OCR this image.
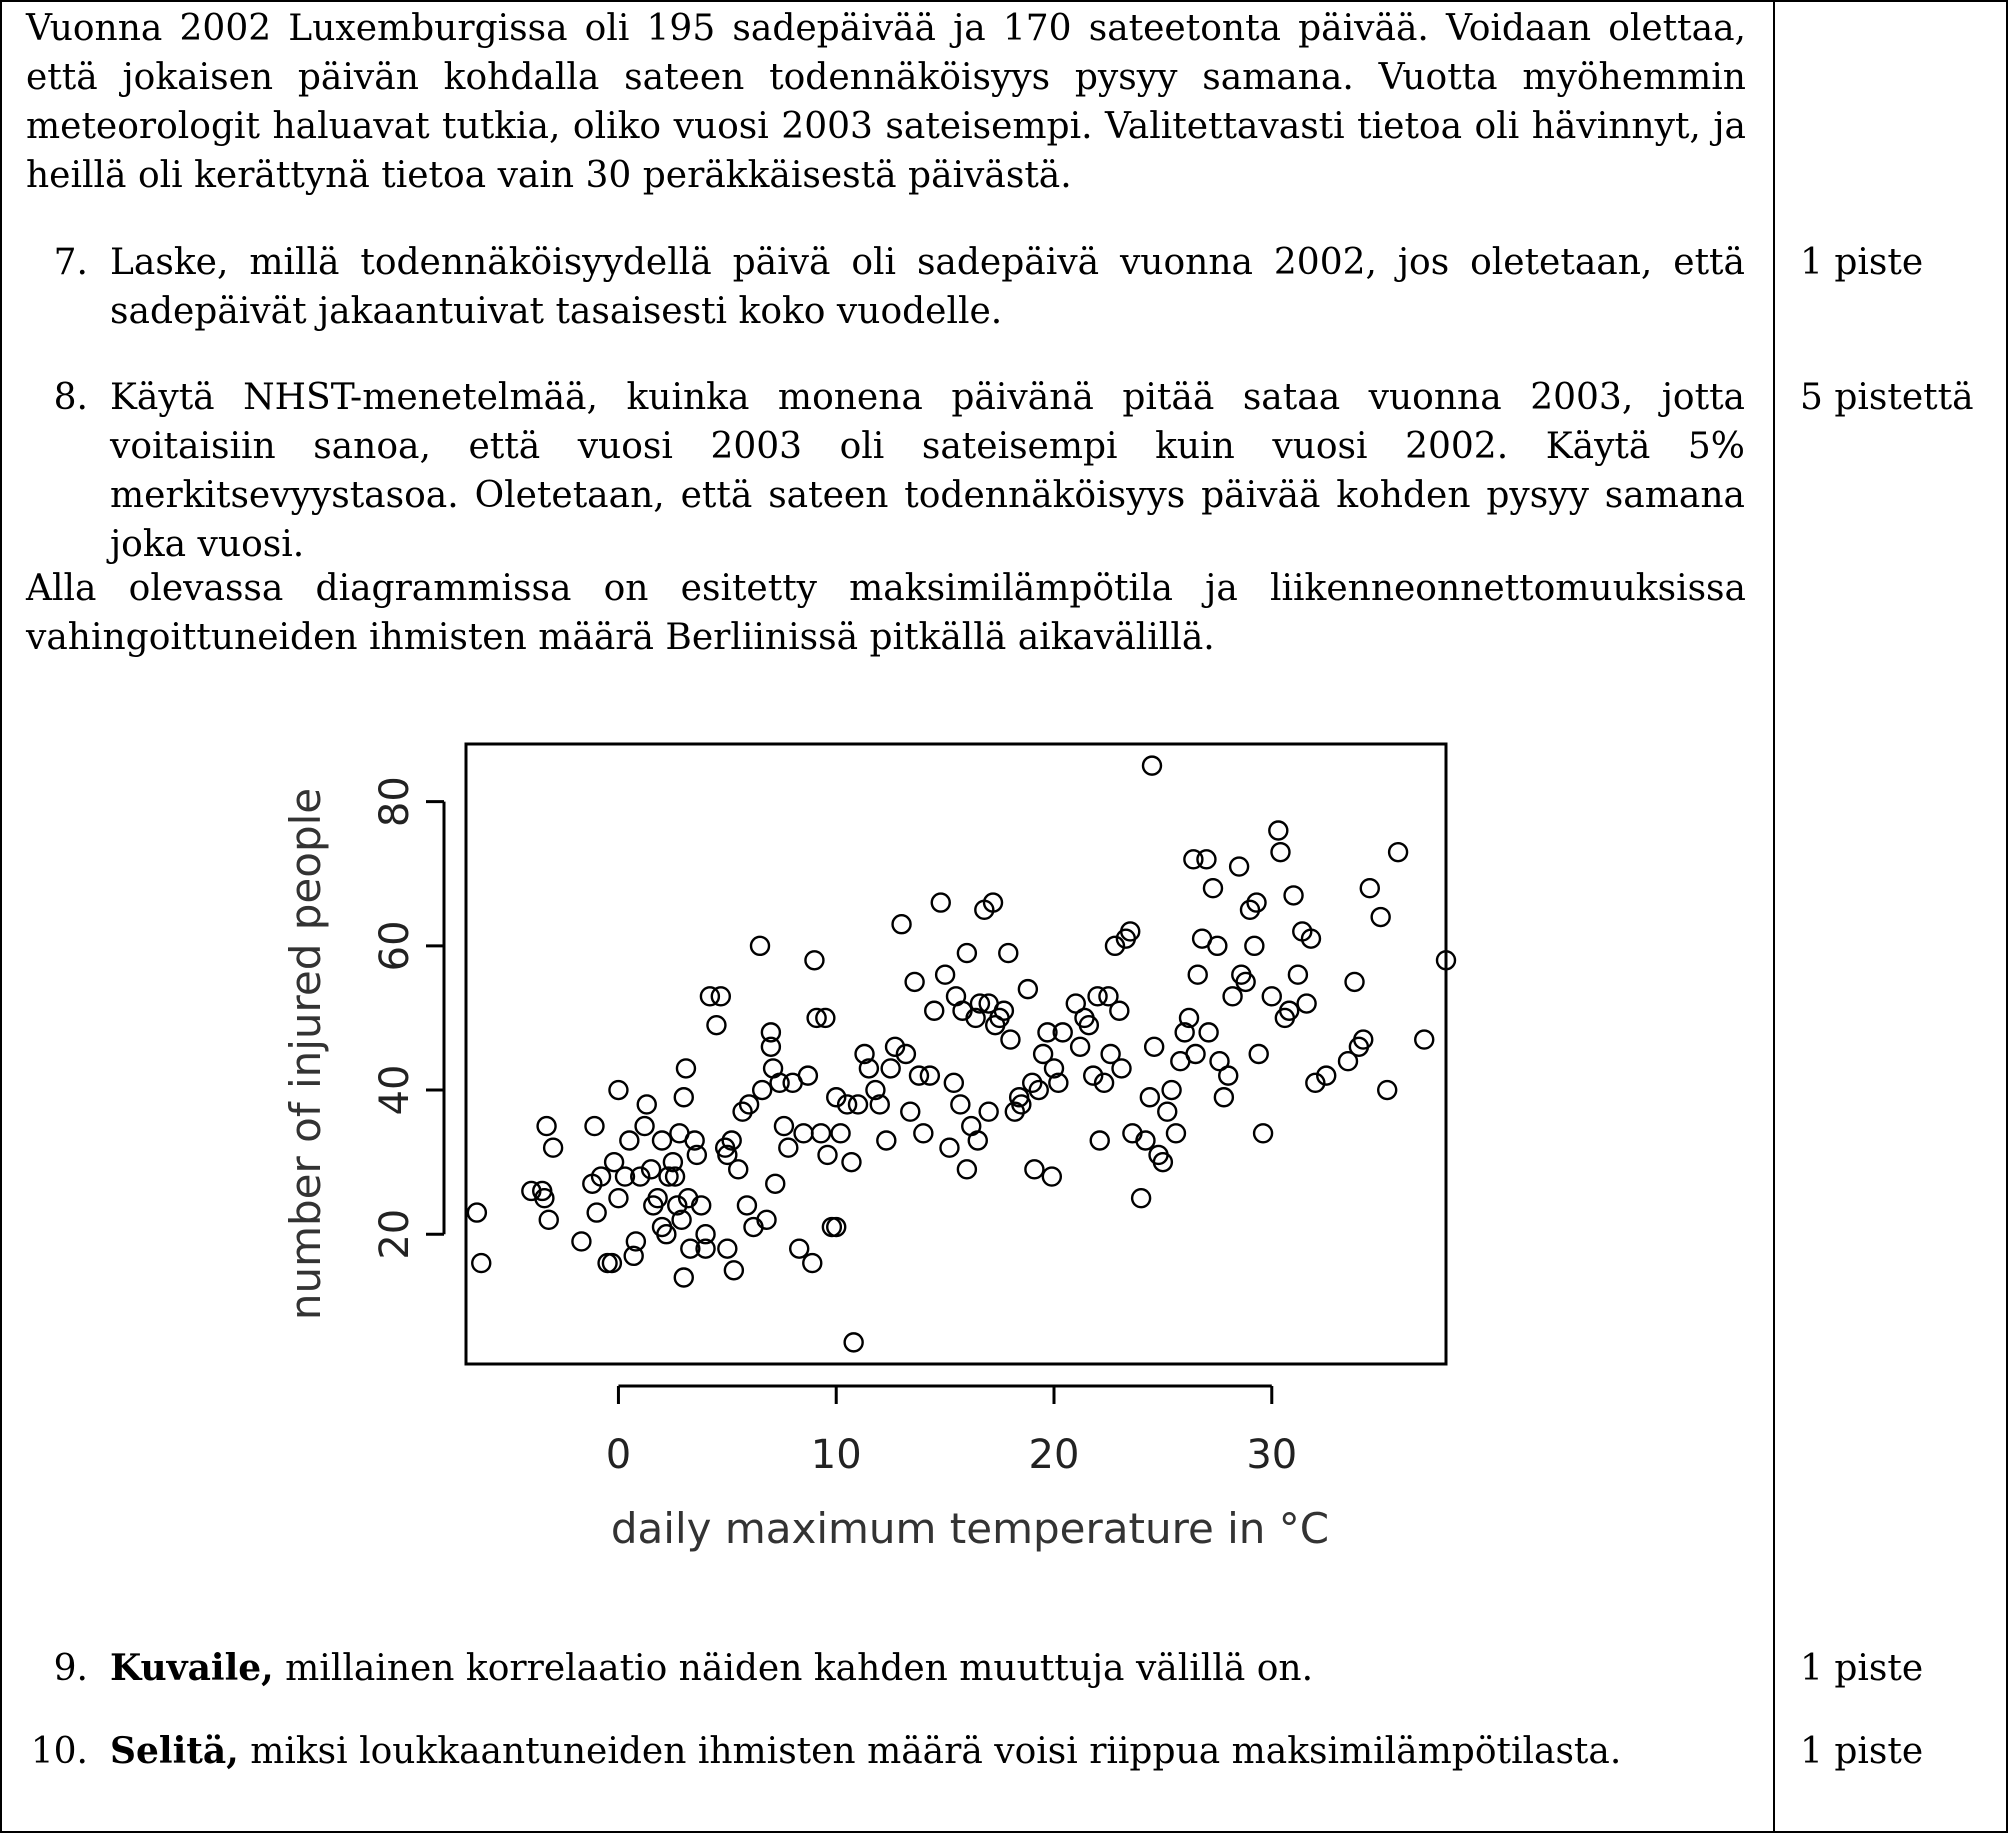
Vuonna 2002 Luxemburgissa oli 195 sadepäivää ja 170 sateetonta päivää. Voidaan olettaa, että jokaisen päivän kohdalla sateen todennäköisyys pysyy samana. Vuotta myöhemmin meteorologit haluavat tutkia, oliko vuosi 2003 sateisempi. Valitettavasti tietoa oli hävinnyt, ja heillä oli kerättynä tietoa vain 30 peräkkäisestä päivästä.
7. Laske, millä todennäköisyydellä päivä oli sadepäivä vuonna 2002, jos oletetaan, että sadepäivät jakaantuivat tasaisesti koko vuodelle.
1 piste
8. Käytä NHST-menetelmää, kuinka monena päivänä pitää sataa vuonna 2003, jotta voitaisiin sanoa, että vuosi 2003 oli sateisempi kuin vuosi 2002. Käytä 5% merkitsevyystasoa. Oletetaan, että sateen todennäköisyys päivää kohden pysyy samana joka vuosi.
5 pistettä
Alla olevassa diagrammissa on esitetty maksimilämpötila ja liikenneonnettomuuksissa vahingoittuneiden ihmisten määrä Berliinissä pitkällä aikavälillä.
0	10	20	30
20
40
60
80
daily maximum temperature in °C
number of injured people
9. Kuvaile, millainen korrelaatio näiden kahden muuttuja välillä on.	1 piste
10. Selitä, miksi loukkaantuneiden ihmisten määrä voisi riippua maksimilämpötilasta.	1 piste
